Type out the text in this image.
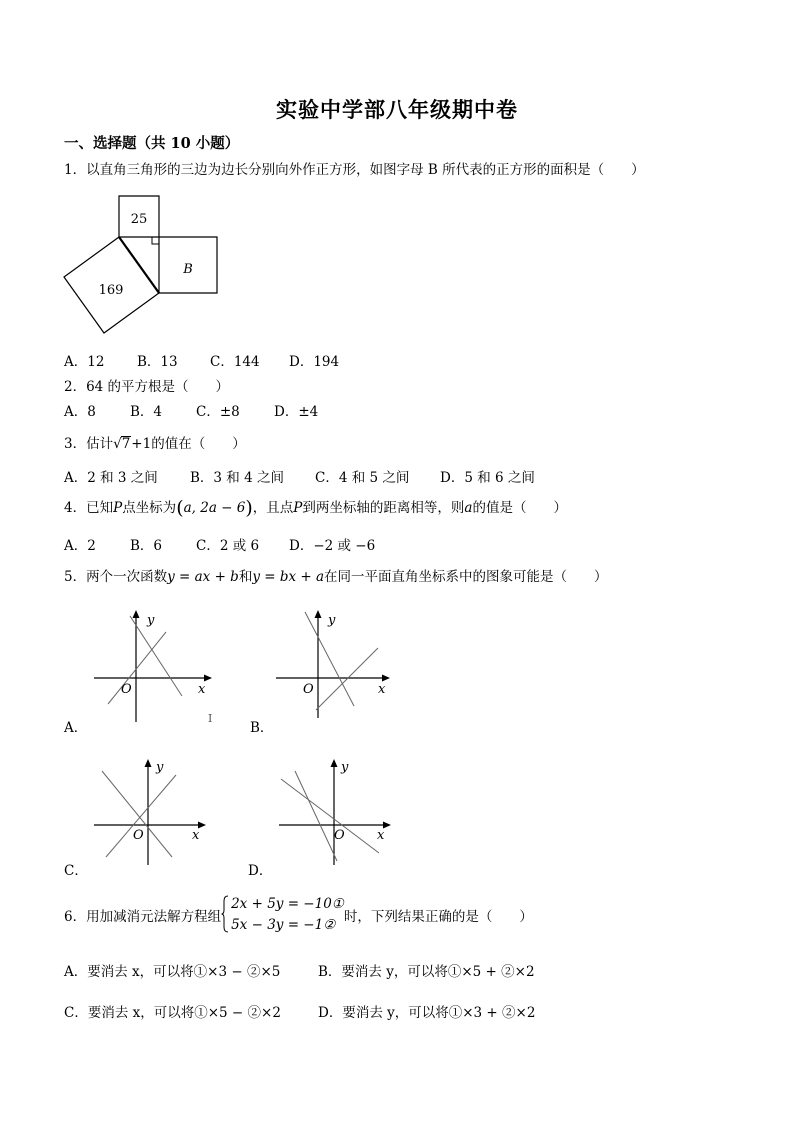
实验中学部八年级期中卷
一、选择题（共 10 小题）
1．以直角三角形的三边为边长分别向外作正方形，如图字母 B 所代表的正方形的面积是（　　）
25
B
169
A．12 B．13 C．144 D．194
2．64 的平方根是（　　）
A．8	B．4	C．±8	D．±4
3．估计√7+1的值在（　　）
A．2 和 3 之间 B．3 和 4 之间 C．4 和 5 之间 D．5 和 6 之间
4．已知P点坐标为(a, 2a − 6)，且点P到两坐标轴的距离相等，则a的值是（　　）
A．2	B．6	C．2 或 6 D．−2 或 −6
5．两个一次函数y = ax + b和y = bx + a在同一平面直角坐标系中的图象可能是（　　）
y
x
O
I
y
x
O
A．	B．
y
x
O
y
x
O
C．	D．
6．用加减消元法解方程组
2x + 5y = −10①
5x − 3y = −1② 时，下列结果正确的是（　　）
A．要消去 x，可以将①×3 − ②×5	B．要消去 y，可以将①×5 + ②×2
C．要消去 x，可以将①×5 − ②×2	D．要消去 y，可以将①×3 + ②×2
